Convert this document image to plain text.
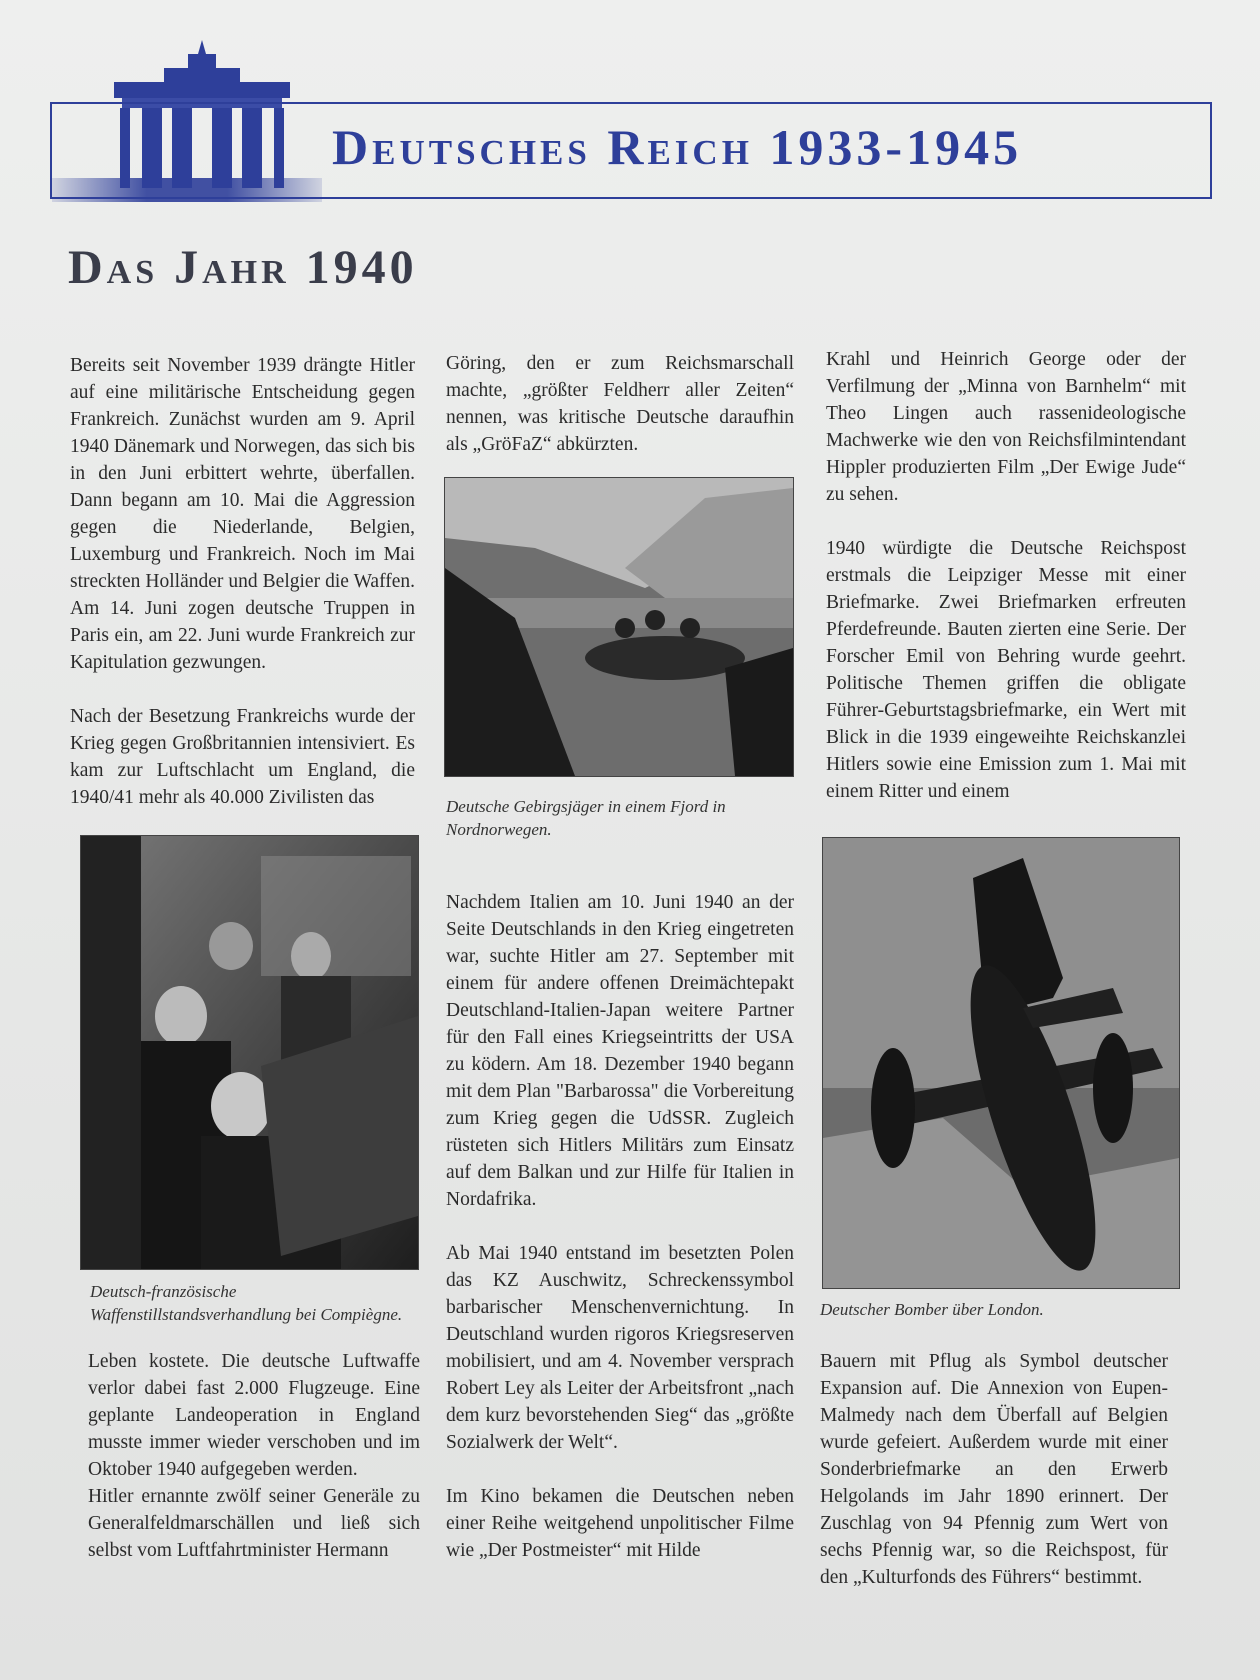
Deutsches Reich 1933-1945
Das Jahr 1940

Bereits seit November 1939 drängte Hitler auf eine militärische Entscheidung gegen Frankreich. Zunächst wurden am 9. April 1940 Dänemark und Norwegen, das sich bis in den Juni erbittert wehrte, überfallen. Dann begann am 10. Mai die Aggression gegen die Niederlande, Belgien, Luxemburg und Frankreich. Noch im Mai streckten Holländer und Belgier die Waffen. Am 14. Juni zogen deutsche Truppen in Paris ein, am 22. Juni wurde Frankreich zur Kapitulation gezwungen.

Nach der Besetzung Frankreichs wurde der Krieg gegen Großbritannien intensiviert. Es kam zur Luftschlacht um England, die 1940/41 mehr als 40.000 Zivilisten das

Deutsch-französische Waffenstillstandsverhandlung bei Compiègne.

Leben kostete. Die deutsche Luftwaffe verlor dabei fast 2.000 Flugzeuge. Eine geplante Landeoperation in England musste immer wieder verschoben und im Oktober 1940 aufgegeben werden.

Hitler ernannte zwölf seiner Generäle zu Generalfeldmarschällen und ließ sich selbst vom Luftfahrtminister Hermann

Göring, den er zum Reichsmarschall machte, „größter Feldherr aller Zeiten“ nennen, was kritische Deutsche daraufhin als „GröFaZ“ abkürzten.

Deutsche Gebirgsjäger in einem Fjord in Nordnorwegen.

Nachdem Italien am 10. Juni 1940 an der Seite Deutschlands in den Krieg eingetreten war, suchte Hitler am 27. September mit einem für andere offenen Dreimächtepakt Deutschland-Italien-Japan weitere Partner für den Fall eines Kriegseintritts der USA zu ködern. Am 18. Dezember 1940 begann mit dem Plan "Barbarossa" die Vorbereitung zum Krieg gegen die UdSSR. Zugleich rüsteten sich Hitlers Militärs zum Einsatz auf dem Balkan und zur Hilfe für Italien in Nordafrika.

Ab Mai 1940 entstand im besetzten Polen das KZ Auschwitz, Schreckenssymbol barbarischer Menschenvernichtung. In Deutschland wurden rigoros Kriegsreserven mobilisiert, und am 4. November versprach Robert Ley als Leiter der Arbeitsfront „nach dem kurz bevorstehenden Sieg“ das „größte Sozialwerk der Welt“.

Im Kino bekamen die Deutschen neben einer Reihe weitgehend unpolitischer Filme wie „Der Postmeister“ mit Hilde

Krahl und Heinrich George oder der Verfilmung der „Minna von Barnhelm“ mit Theo Lingen auch rassenideologische Machwerke wie den von Reichsfilmintendant Hippler produzierten Film „Der Ewige Jude“ zu sehen.

1940 würdigte die Deutsche Reichspost erstmals die Leipziger Messe mit einer Briefmarke. Zwei Briefmarken erfreuten Pferdefreunde. Bauten zierten eine Serie. Der Forscher Emil von Behring wurde geehrt. Politische Themen griffen die obligate Führer-Geburtstagsbriefmarke, ein Wert mit Blick in die 1939 eingeweihte Reichskanzlei Hitlers sowie eine Emission zum 1. Mai mit einem Ritter und einem

Deutscher Bomber über London.

Bauern mit Pflug als Symbol deutscher Expansion auf. Die Annexion von Eupen-Malmedy nach dem Überfall auf Belgien wurde gefeiert. Außerdem wurde mit einer Sonderbriefmarke an den Erwerb Helgolands im Jahr 1890 erinnert. Der Zuschlag von 94 Pfennig zum Wert von sechs Pfennig war, so die Reichspost, für den „Kulturfonds des Führers“ bestimmt.
